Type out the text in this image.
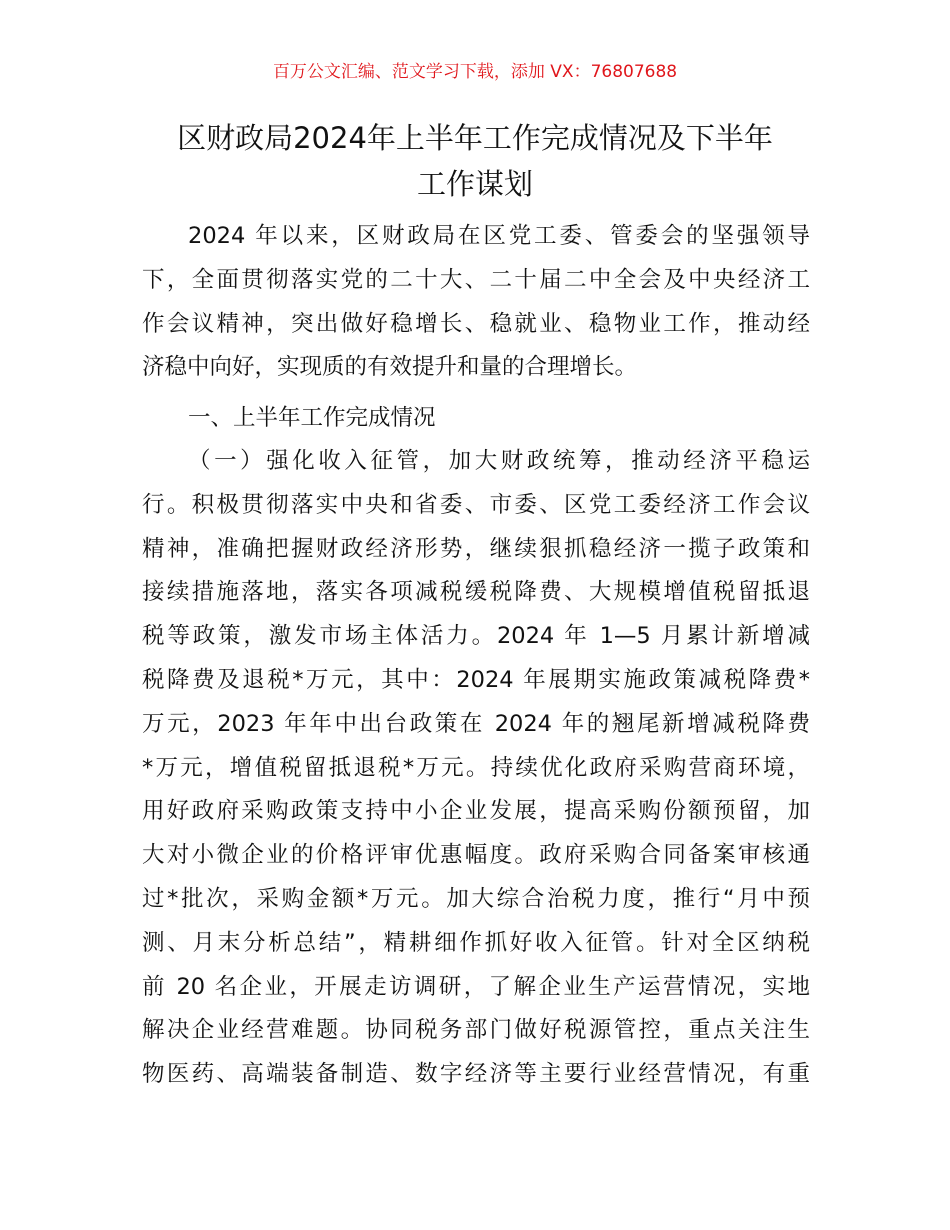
百万公文汇编、范文学习下载，添加 VX：76807688
区财政局2024年上半年工作完成情况及下半年
工作谋划
2024 年以来，区财政局在区党工委、管委会的坚强领导
下，全面贯彻落实党的二十大、二十届二中全会及中央经济工
作会议精神，突出做好稳增长、稳就业、稳物业工作，推动经
济稳中向好，实现质的有效提升和量的合理增长。
一、上半年工作完成情况
（一）强化收入征管，加大财政统筹，推动经济平稳运
行。积极贯彻落实中央和省委、市委、区党工委经济工作会议
精神，准确把握财政经济形势，继续狠抓稳经济一揽子政策和
接续措施落地，落实各项减税缓税降费、大规模增值税留抵退
税等政策，激发市场主体活力。2024 年 1—5 月累计新增减
税降费及退税*万元，其中：2024 年展期实施政策减税降费*
万元，2023 年年中出台政策在 2024 年的翘尾新增减税降费
*万元，增值税留抵退税*万元。持续优化政府采购营商环境，
用好政府采购政策支持中小企业发展，提高采购份额预留，加
大对小微企业的价格评审优惠幅度。政府采购合同备案审核通
过*批次，采购金额*万元。加大综合治税力度，推行“月中预
测、月末分析总结”，精耕细作抓好收入征管。针对全区纳税
前 20 名企业，开展走访调研，了解企业生产运营情况，实地
解决企业经营难题。协同税务部门做好税源管控，重点关注生
物医药、高端装备制造、数字经济等主要行业经营情况，有重
